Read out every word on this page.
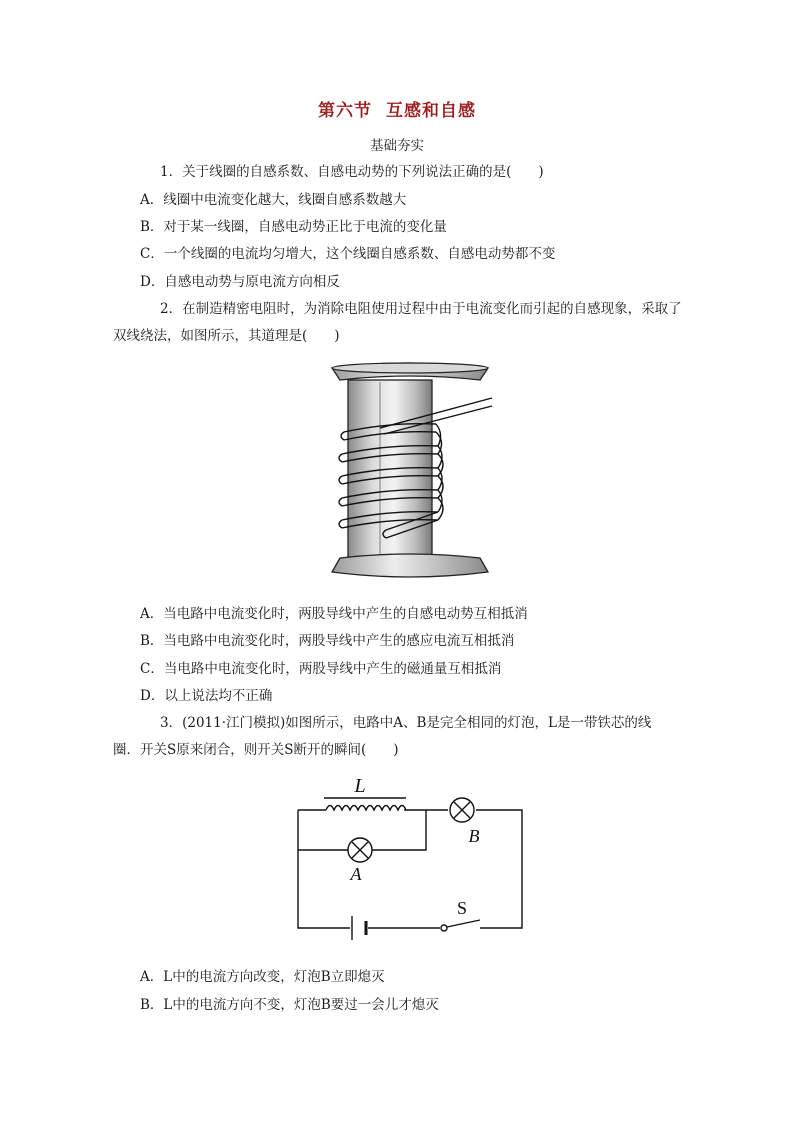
第六节 互感和自感
基础夯实
1．关于线圈的自感系数、自感电动势的下列说法正确的是(　　)
A．线圈中电流变化越大，线圈自感系数越大
B．对于某一线圈，自感电动势正比于电流的变化量
C．一个线圈的电流均匀增大，这个线圈自感系数、自感电动势都不变
D．自感电动势与原电流方向相反
2．在制造精密电阻时，为消除电阻使用过程中由于电流变化而引起的自感现象，采取了
双线绕法，如图所示，其道理是(　　)
A．当电路中电流变化时，两股导线中产生的自感电动势互相抵消
B．当电路中电流变化时，两股导线中产生的感应电流互相抵消
C．当电路中电流变化时，两股导线中产生的磁通量互相抵消
D．以上说法均不正确
3．(2011·江门模拟)如图所示，电路中A、B是完全相同的灯泡，L是一带铁芯的线
圈．开关S原来闭合，则开关S断开的瞬间(　　)
L
A
B
S
A．L中的电流方向改变，灯泡B立即熄灭
B．L中的电流方向不变，灯泡B要过一会儿才熄灭
